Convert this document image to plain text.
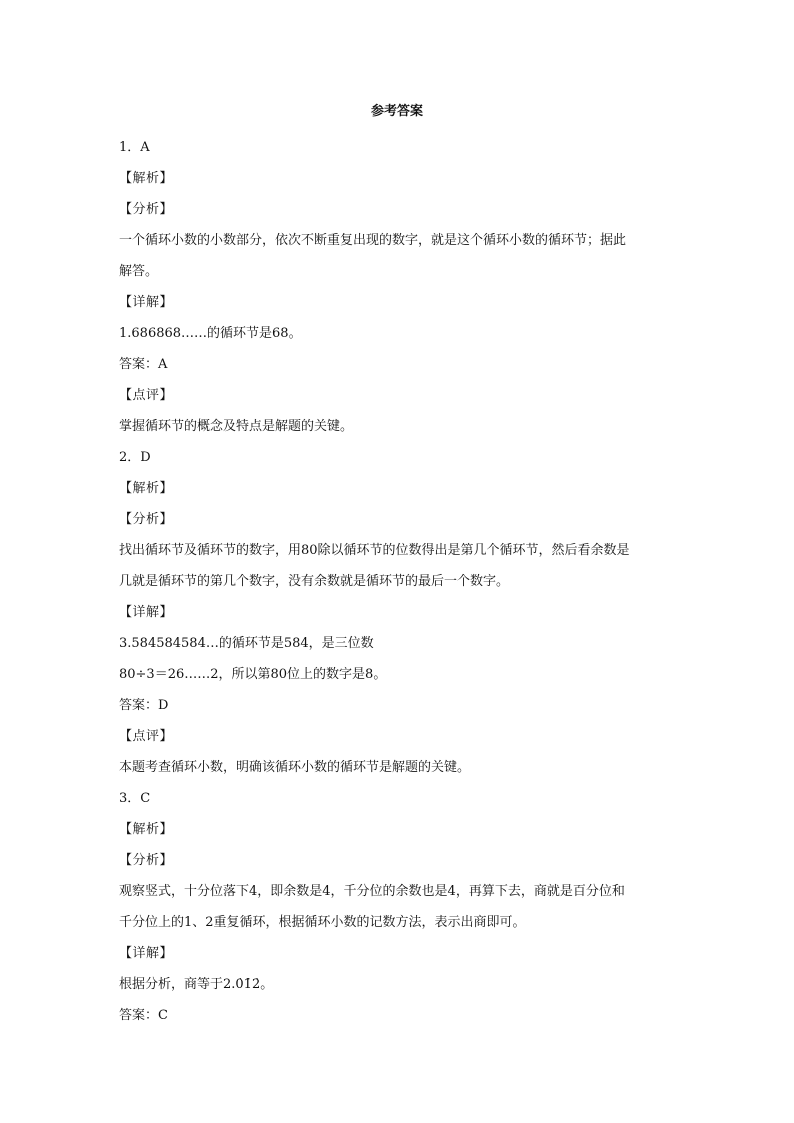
参考答案
1．A
【解析】
【分析】
一个循环小数的小数部分，依次不断重复出现的数字，就是这个循环小数的循环节；据此
解答。
【详解】
1.686868……的循环节是68。
答案：A
【点评】
掌握循环节的概念及特点是解题的关键。
2．D
【解析】
【分析】
找出循环节及循环节的数字，用80除以循环节的位数得出是第几个循环节，然后看余数是
几就是循环节的第几个数字，没有余数就是循环节的最后一个数字。
【详解】
3.584584584…的循环节是584，是三位数
80÷3＝26……2，所以第80位上的数字是8。
答案：D
【点评】
本题考查循环小数，明确该循环小数的循环节是解题的关键。
3．C
【解析】
【分析】
观察竖式，十分位落下4，即余数是4，千分位的余数也是4，再算下去，商就是百分位和
千分位上的1、2重复循环，根据循环小数的记数方法，表示出商即可。
【详解】
根据分析，商等于2.0̇1̇2̇。
答案：C
